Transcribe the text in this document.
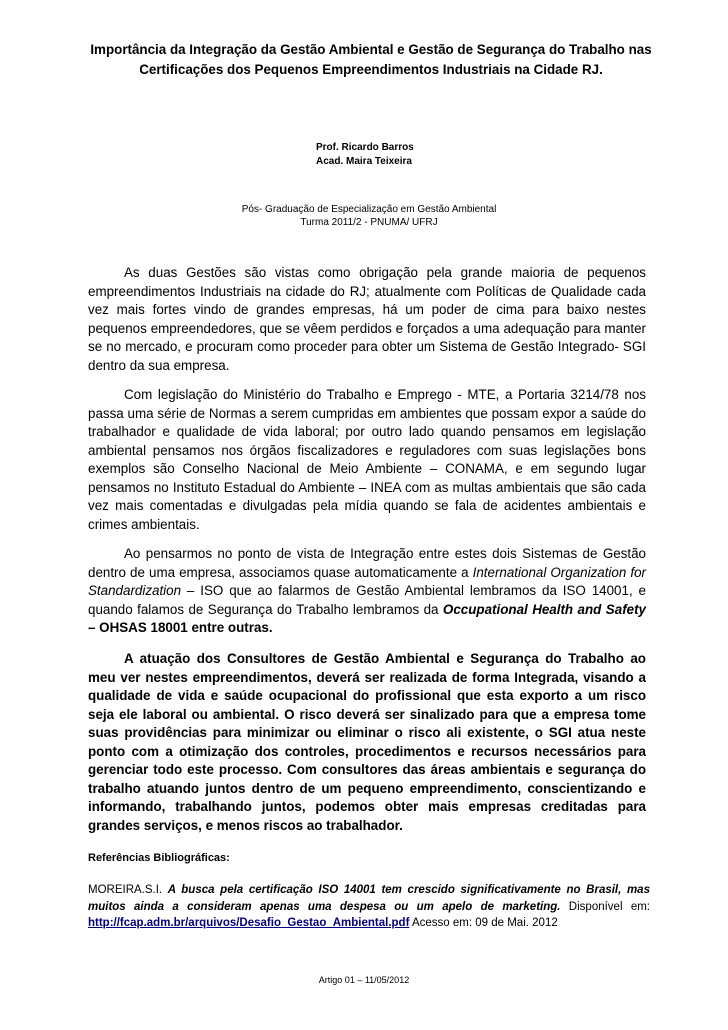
Importância da Integração da Gestão Ambiental e Gestão de Segurança do Trabalho nas Certificações dos Pequenos Empreendimentos Industriais na Cidade RJ.

Prof. Ricardo Barros
Acad. Maira Teixeira
Pós- Graduação de Especialização em Gestão Ambiental
Turma 2011/2 - PNUMA/ UFRJ

As duas Gestões são vistas como obrigação pela grande maioria de pequenos empreendimentos Industriais na cidade do RJ; atualmente com Políticas de Qualidade cada vez mais fortes vindo de grandes empresas, há um poder de cima para baixo nestes pequenos empreendedores, que se vêem perdidos e forçados a uma adequação para manter se no mercado, e procuram como proceder para obter um Sistema de Gestão Integrado- SGI dentro da sua empresa.

Com legislação do Ministério do Trabalho e Emprego - MTE, a Portaria 3214/78 nos passa uma série de Normas a serem cumpridas em ambientes que possam expor a saúde do trabalhador e qualidade de vida laboral; por outro lado quando pensamos em legislação ambiental pensamos nos órgãos fiscalizadores e reguladores com suas legislações bons exemplos são Conselho Nacional de Meio Ambiente – CONAMA, e em segundo lugar pensamos no Instituto Estadual do Ambiente – INEA com as multas ambientais que são cada vez mais comentadas e divulgadas pela mídia quando se fala de acidentes ambientais e crimes ambientais.

Ao pensarmos no ponto de vista de Integração entre estes dois Sistemas de Gestão dentro de uma empresa, associamos quase automaticamente a International Organization for Standardization – ISO que ao falarmos de Gestão Ambiental lembramos da ISO 14001, e quando falamos de Segurança do Trabalho lembramos da Occupational Health and Safety – OHSAS 18001 entre outras.

A atuação dos Consultores de Gestão Ambiental e Segurança do Trabalho ao meu ver nestes empreendimentos, deverá ser realizada de forma Integrada, visando a qualidade de vida e saúde ocupacional do profissional que esta exporto a um risco seja ele laboral ou ambiental. O risco deverá ser sinalizado para que a empresa tome suas providências para minimizar ou eliminar o risco ali existente, o SGI atua neste ponto com a otimização dos controles, procedimentos e recursos necessários para gerenciar todo este processo. Com consultores das áreas ambientais e segurança do trabalho atuando juntos dentro de um pequeno empreendimento, conscientizando e informando, trabalhando juntos, podemos obter mais empresas creditadas para grandes serviços, e menos riscos ao trabalhador.

Referências Bibliográficas:

MOREIRA.S.I. A busca pela certificação ISO 14001 tem crescido significativamente no Brasil, mas muitos ainda a consideram apenas uma despesa ou um apelo de marketing. Disponível em: http://fcap.adm.br/arquivos/Desafio_Gestao_Ambiental.pdf Acesso em: 09 de Mai. 2012

Artigo 01 – 11/05/2012
